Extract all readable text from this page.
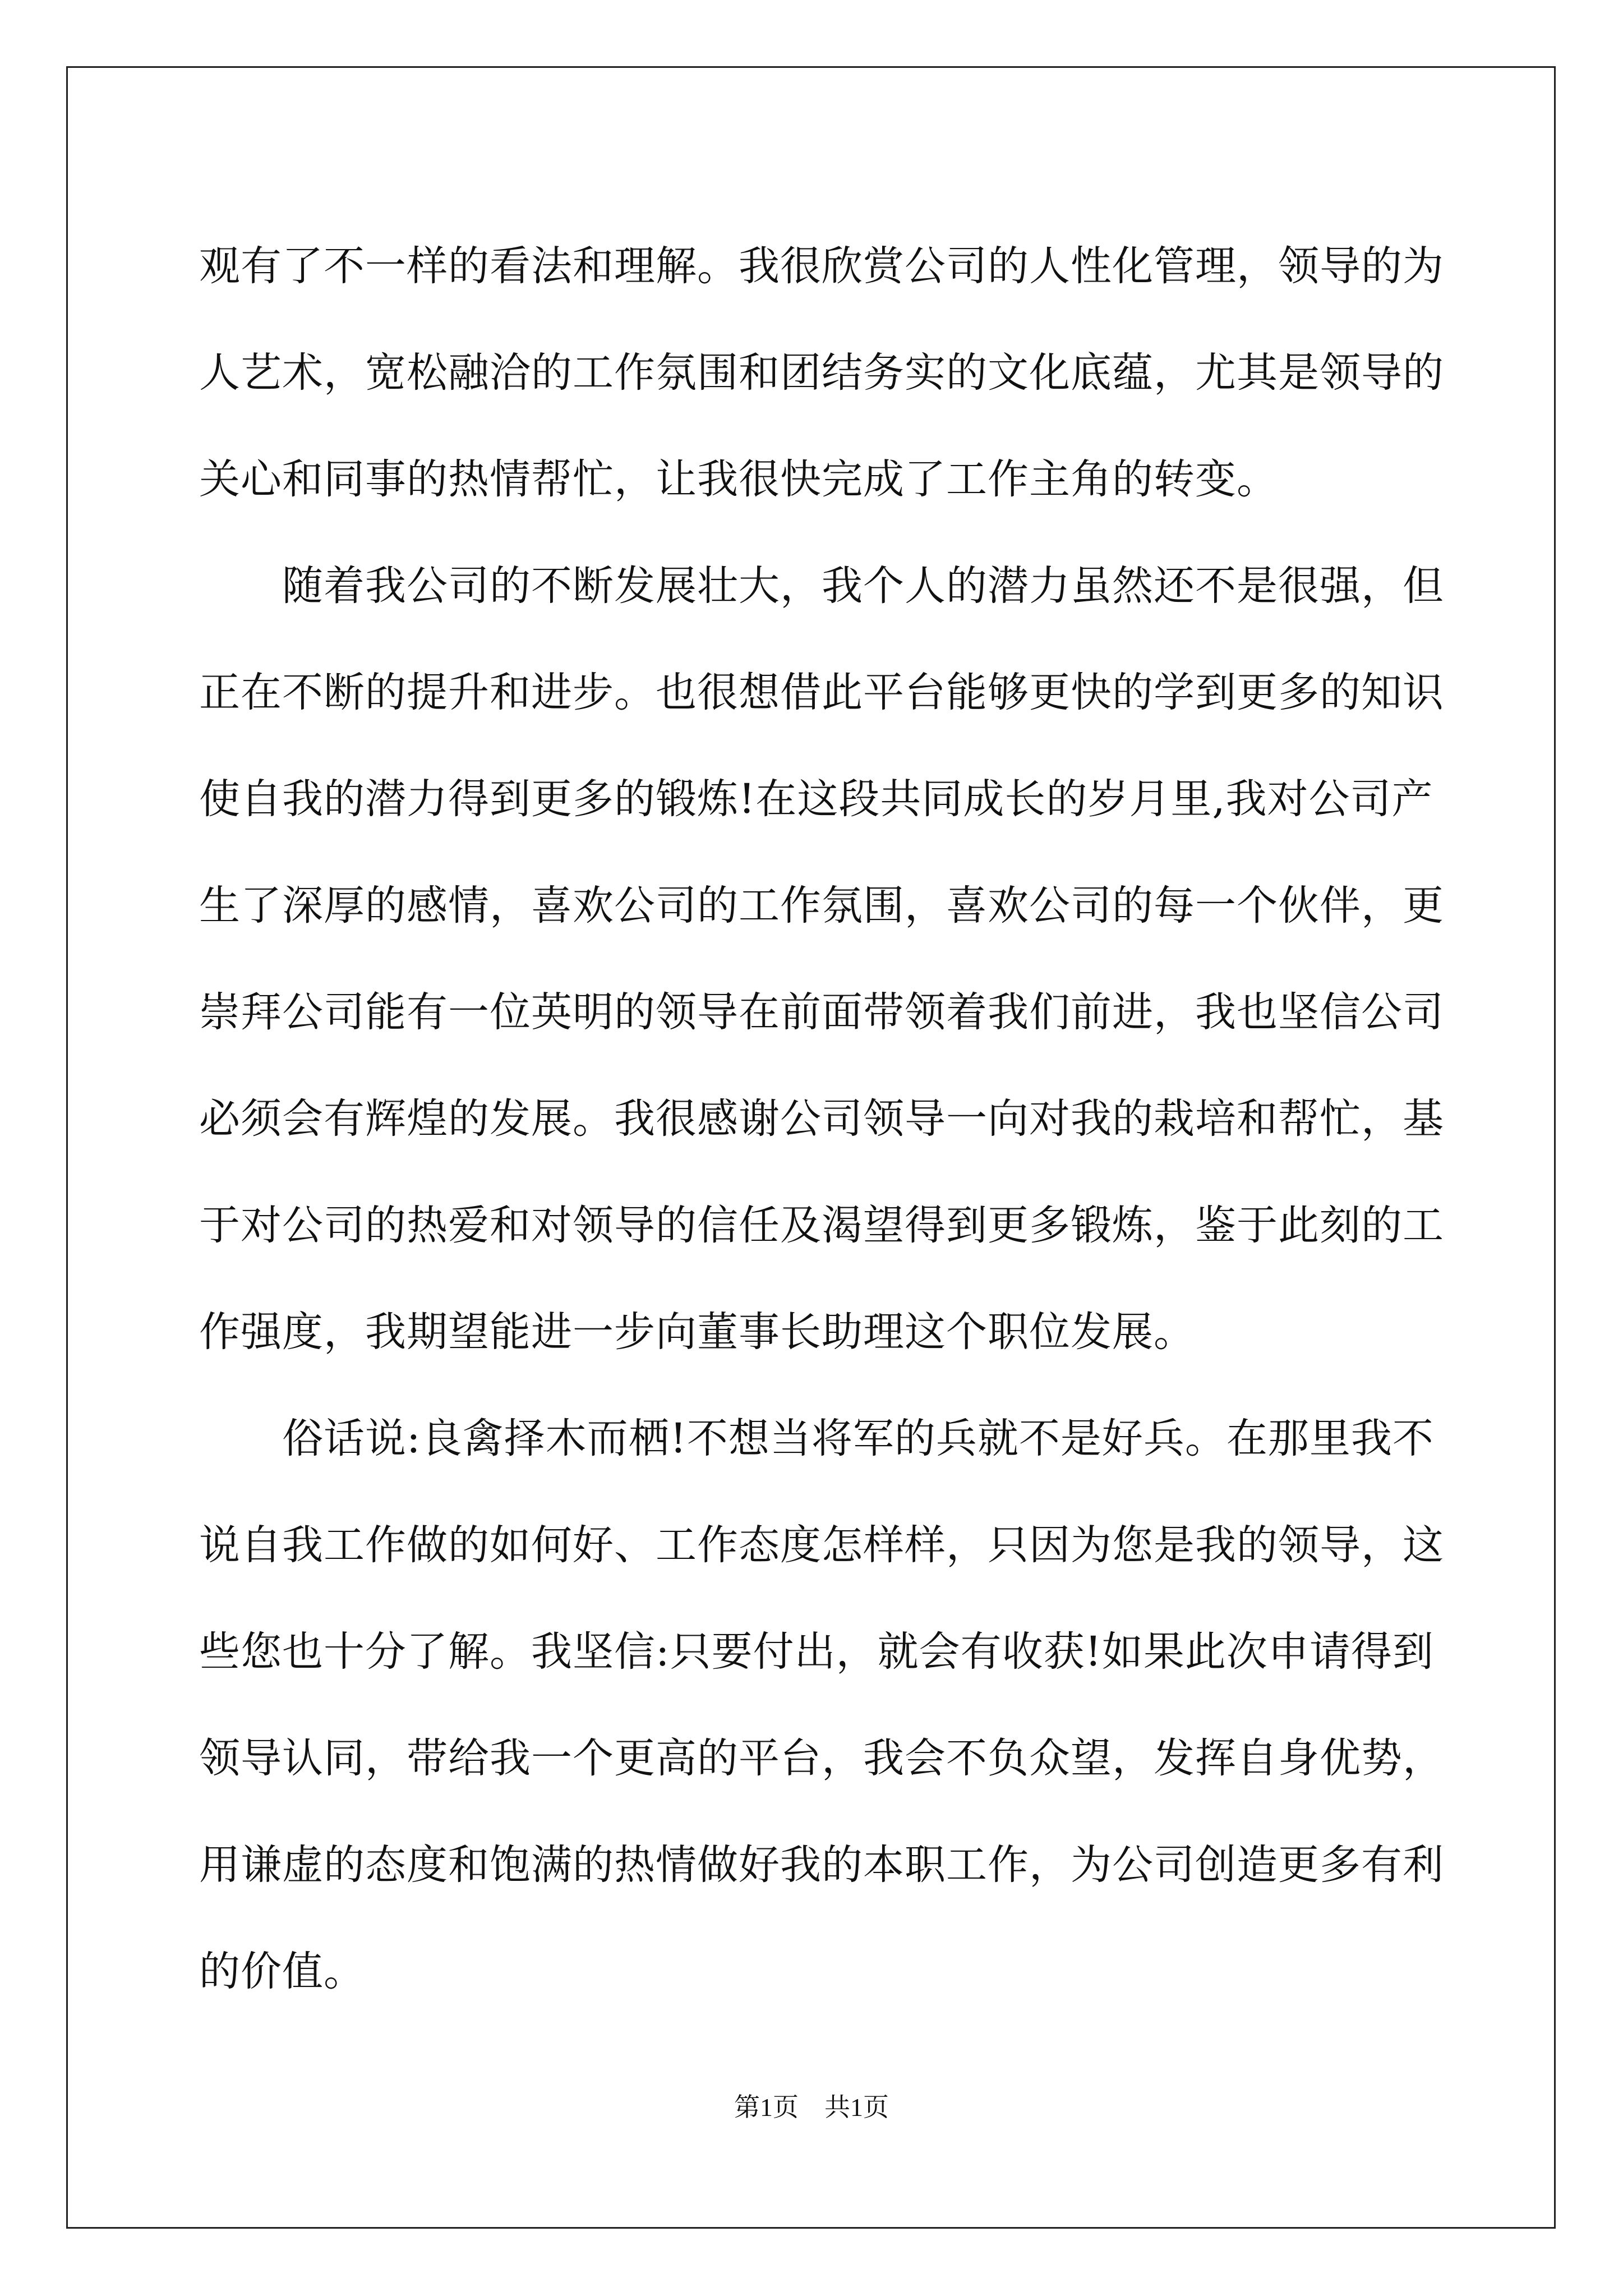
观有了不一样的看法和理解。我很欣赏公司的人性化管理，领导的为
人艺术，宽松融洽的工作氛围和团结务实的文化底蕴，尤其是领导的
关心和同事的热情帮忙，让我很快完成了工作主角的转变。
　　随着我公司的不断发展壮大，我个人的潜力虽然还不是很强，但
正在不断的提升和进步。也很想借此平台能够更快的学到更多的知识
使自我的潜力得到更多的锻炼!在这段共同成长的岁月里,我对公司产
生了深厚的感情，喜欢公司的工作氛围，喜欢公司的每一个伙伴，更
崇拜公司能有一位英明的领导在前面带领着我们前进，我也坚信公司
必须会有辉煌的发展。我很感谢公司领导一向对我的栽培和帮忙，基
于对公司的热爱和对领导的信任及渴望得到更多锻炼，鉴于此刻的工
作强度，我期望能进一步向董事长助理这个职位发展。
　　俗话说:良禽择木而栖!不想当将军的兵就不是好兵。在那里我不
说自我工作做的如何好、工作态度怎样样，只因为您是我的领导，这
些您也十分了解。我坚信:只要付出，就会有收获!如果此次申请得到
领导认同，带给我一个更高的平台，我会不负众望，发挥自身优势，
用谦虚的态度和饱满的热情做好我的本职工作，为公司创造更多有利
的价值。
第1页　共1页
